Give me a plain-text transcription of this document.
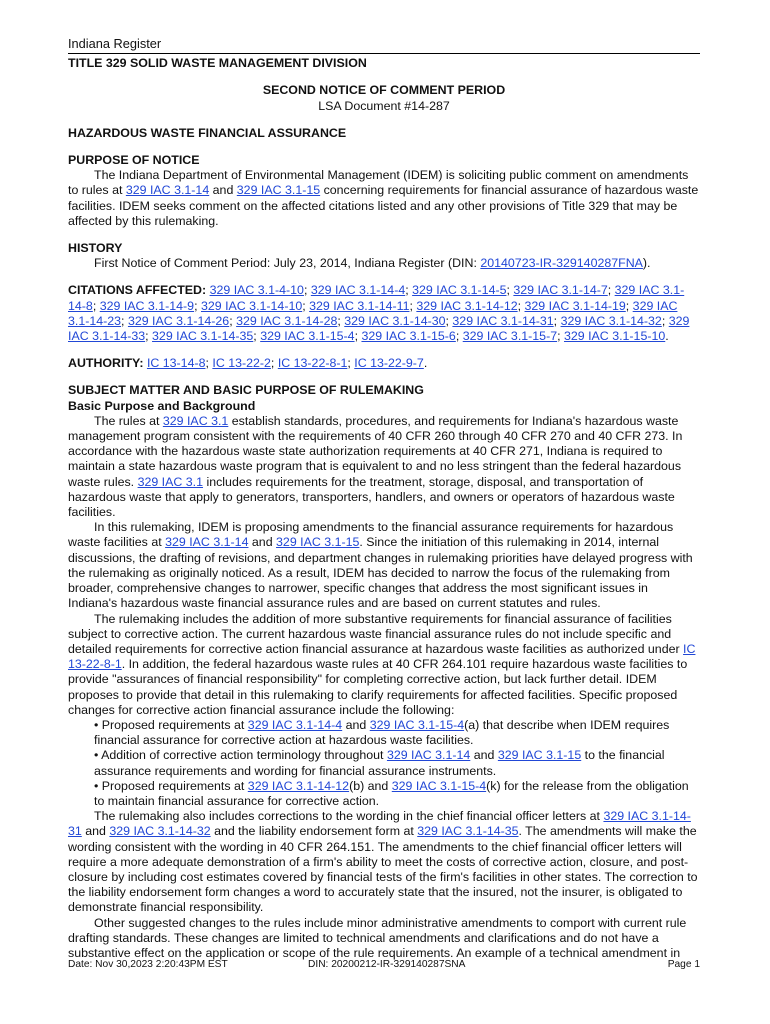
Indiana Register
TITLE 329 SOLID WASTE MANAGEMENT DIVISION
SECOND NOTICE OF COMMENT PERIOD
LSA Document #14-287
HAZARDOUS WASTE FINANCIAL ASSURANCE
PURPOSE OF NOTICE

The Indiana Department of Environmental Management (IDEM) is soliciting public comment on amendments to rules at 329 IAC 3.1-14 and 329 IAC 3.1-15 concerning requirements for financial assurance of hazardous waste facilities. IDEM seeks comment on the affected citations listed and any other provisions of Title 329 that may be affected by this rulemaking.

HISTORY

First Notice of Comment Period: July 23, 2014, Indiana Register (DIN: 20140723-IR-329140287FNA).

CITATIONS AFFECTED: 329 IAC 3.1-4-10; 329 IAC 3.1-14-4; 329 IAC 3.1-14-5; 329 IAC 3.1-14-7; 329 IAC 3.1-14-8; 329 IAC 3.1-14-9; 329 IAC 3.1-14-10; 329 IAC 3.1-14-11; 329 IAC 3.1-14-12; 329 IAC 3.1-14-19; 329 IAC 3.1-14-23; 329 IAC 3.1-14-26; 329 IAC 3.1-14-28; 329 IAC 3.1-14-30; 329 IAC 3.1-14-31; 329 IAC 3.1-14-32; 329 IAC 3.1-14-33; 329 IAC 3.1-14-35; 329 IAC 3.1-15-4; 329 IAC 3.1-15-6; 329 IAC 3.1-15-7; 329 IAC 3.1-15-10.

AUTHORITY: IC 13-14-8; IC 13-22-2; IC 13-22-8-1; IC 13-22-9-7.

SUBJECT MATTER AND BASIC PURPOSE OF RULEMAKING
Basic Purpose and Background

The rules at 329 IAC 3.1 establish standards, procedures, and requirements for Indiana's hazardous waste management program consistent with the requirements of 40 CFR 260 through 40 CFR 270 and 40 CFR 273. In accordance with the hazardous waste state authorization requirements at 40 CFR 271, Indiana is required to maintain a state hazardous waste program that is equivalent to and no less stringent than the federal hazardous waste rules. 329 IAC 3.1 includes requirements for the treatment, storage, disposal, and transportation of hazardous waste that apply to generators, transporters, handlers, and owners or operators of hazardous waste facilities.

In this rulemaking, IDEM is proposing amendments to the financial assurance requirements for hazardous waste facilities at 329 IAC 3.1-14 and 329 IAC 3.1-15. Since the initiation of this rulemaking in 2014, internal discussions, the drafting of revisions, and department changes in rulemaking priorities have delayed progress with the rulemaking as originally noticed. As a result, IDEM has decided to narrow the focus of the rulemaking from broader, comprehensive changes to narrower, specific changes that address the most significant issues in Indiana's hazardous waste financial assurance rules and are based on current statutes and rules.

The rulemaking includes the addition of more substantive requirements for financial assurance of facilities subject to corrective action. The current hazardous waste financial assurance rules do not include specific and detailed requirements for corrective action financial assurance at hazardous waste facilities as authorized under IC 13-22-8-1. In addition, the federal hazardous waste rules at 40 CFR 264.101 require hazardous waste facilities to provide "assurances of financial responsibility" for completing corrective action, but lack further detail. IDEM proposes to provide that detail in this rulemaking to clarify requirements for affected facilities. Specific proposed changes for corrective action financial assurance include the following:

• Proposed requirements at 329 IAC 3.1-14-4 and 329 IAC 3.1-15-4(a) that describe when IDEM requires financial assurance for corrective action at hazardous waste facilities.

• Addition of corrective action terminology throughout 329 IAC 3.1-14 and 329 IAC 3.1-15 to the financial assurance requirements and wording for financial assurance instruments.

• Proposed requirements at 329 IAC 3.1-14-12(b) and 329 IAC 3.1-15-4(k) for the release from the obligation to maintain financial assurance for corrective action.

The rulemaking also includes corrections to the wording in the chief financial officer letters at 329 IAC 3.1-14-31 and 329 IAC 3.1-14-32 and the liability endorsement form at 329 IAC 3.1-14-35. The amendments will make the wording consistent with the wording in 40 CFR 264.151. The amendments to the chief financial officer letters will require a more adequate demonstration of a firm's ability to meet the costs of corrective action, closure, and post-closure by including cost estimates covered by financial tests of the firm's facilities in other states. The correction to the liability endorsement form changes a word to accurately state that the insured, not the insurer, is obligated to demonstrate financial responsibility.

Other suggested changes to the rules include minor administrative amendments to comport with current rule drafting standards. These changes are limited to technical amendments and clarifications and do not have a substantive effect on the application or scope of the rule requirements. An example of a technical amendment in

Date: Nov 30,2023 2:20:43PM EST	DIN: 20200212-IR-329140287SNA	Page 1
